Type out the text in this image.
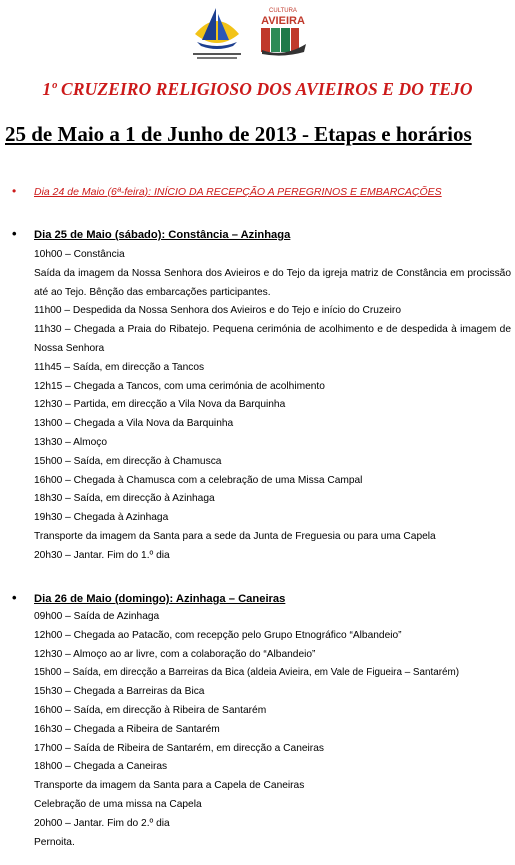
CULTURA
AVIEIRA
1º CRUZEIRO RELIGIOSO DOS AVIEIROS E DO TEJO
25 de Maio a 1 de Junho de 2013 - Etapas e horários
• Dia 24 de Maio (6ª-feira): INÍCIO DA RECEPÇÃO A PEREGRINOS E EMBARCAÇÕES
• Dia 25 de Maio (sábado): Constância – Azinhaga
10h00 – Constância
Saída da imagem da Nossa Senhora dos Avieiros e do Tejo da igreja matriz de Constância em procissão até ao Tejo. Bênção das embarcações participantes.
11h00 – Despedida da Nossa Senhora dos Avieiros e do Tejo e início do Cruzeiro
11h30 – Chegada a Praia do Ribatejo. Pequena cerimónia de acolhimento e de despedida à imagem de Nossa Senhora
11h45 – Saída, em direcção a Tancos
12h15 – Chegada a Tancos, com uma cerimónia de acolhimento
12h30 – Partida, em direcção a Vila Nova da Barquinha
13h00 – Chegada a Vila Nova da Barquinha
13h30 – Almoço
15h00 – Saída, em direcção à Chamusca
16h00 – Chegada à Chamusca com a celebração de uma Missa Campal
18h30 – Saída, em direcção à Azinhaga
19h30 – Chegada à Azinhaga
Transporte da imagem da Santa para a sede da Junta de Freguesia ou para uma Capela
20h30 – Jantar. Fim do 1.º dia
• Dia 26 de Maio (domingo): Azinhaga – Caneiras
09h00 – Saída de Azinhaga
12h00 – Chegada ao Patacão, com recepção pelo Grupo Etnográfico “Albandeio”
12h30 – Almoço ao ar livre, com a colaboração do “Albandeio”
15h00 – Saída, em direcção a Barreiras da Bica (aldeia Avieira, em Vale de Figueira – Santarém)
15h30 – Chegada a Barreiras da Bica
16h00 – Saída, em direcção à Ribeira de Santarém
16h30 – Chegada a Ribeira de Santarém
17h00 – Saída de Ribeira de Santarém, em direcção a Caneiras
18h00 – Chegada a Caneiras
Transporte da imagem da Santa para a Capela de Caneiras
Celebração de uma missa na Capela
20h00 – Jantar. Fim do 2.º dia
Pernoita.
